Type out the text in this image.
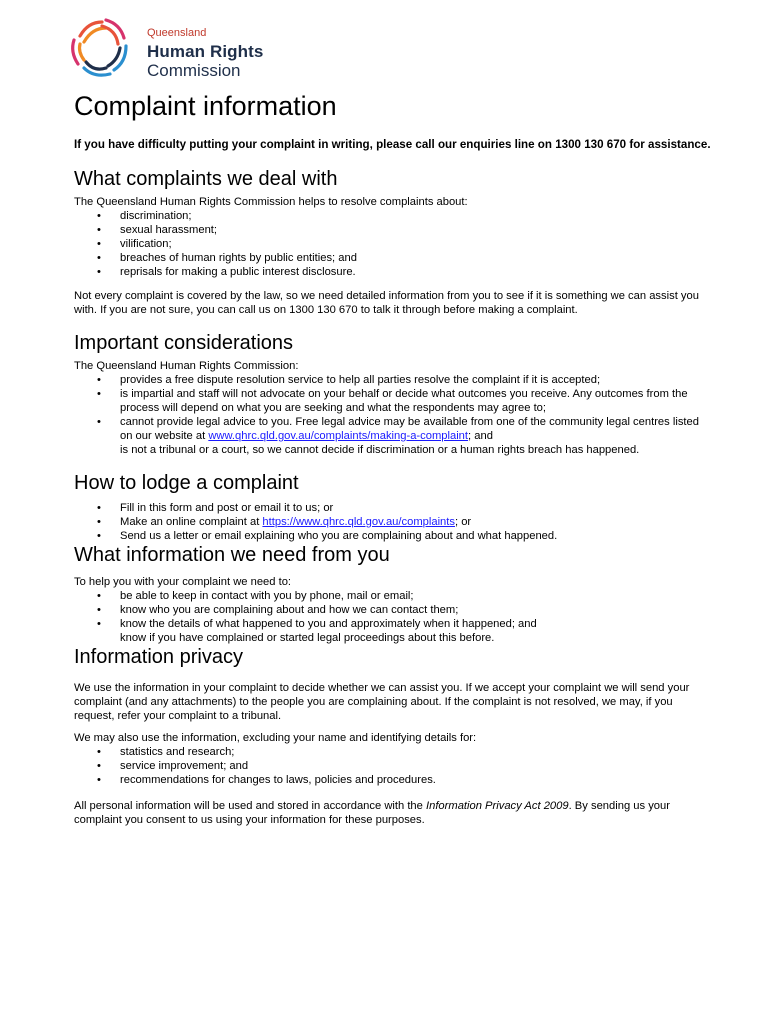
Queensland
Human Rights
Commission
Complaint information

If you have difficulty putting your complaint in writing, please call our enquiries line on 1300 130 670 for assistance.

What complaints we deal with

The Queensland Human Rights Commission helps to resolve complaints about:

• discrimination;
• sexual harassment;
• vilification;
• breaches of human rights by public entities; and
• reprisals for making a public interest disclosure.

Not every complaint is covered by the law, so we need detailed information from you to see if it is something we can assist you with. If you are not sure, you can call us on 1300 130 670 to talk it through before making a complaint.

Important considerations

The Queensland Human Rights Commission:

• provides a free dispute resolution service to help all parties resolve the complaint if it is accepted;
• is impartial and staff will not advocate on your behalf or decide what outcomes you receive. Any outcomes from the process will depend on what you are seeking and what the respondents may agree to;
• cannot provide legal advice to you. Free legal advice may be available from one of the community legal centres listed on our website at www.qhrc.qld.gov.au/complaints/making-a-complaint; and
is not a tribunal or a court, so we cannot decide if discrimination or a human rights breach has happened.
How to lodge a complaint
• Fill in this form and post or email it to us; or
• Make an online complaint at https://www.qhrc.qld.gov.au/complaints; or
• Send us a letter or email explaining who you are complaining about and what happened.
What information we need from you

To help you with your complaint we need to:

• be able to keep in contact with you by phone, mail or email;
• know who you are complaining about and how we can contact them;
• know the details of what happened to you and approximately when it happened; and
know if you have complained or started legal proceedings about this before.
Information privacy

We use the information in your complaint to decide whether we can assist you. If we accept your complaint we will send your complaint (and any attachments) to the people you are complaining about. If the complaint is not resolved, we may, if you request, refer your complaint to a tribunal.

We may also use the information, excluding your name and identifying details for:

• statistics and research;
• service improvement; and
• recommendations for changes to laws, policies and procedures.

All personal information will be used and stored in accordance with the Information Privacy Act 2009. By sending us your complaint you consent to us using your information for these purposes.
